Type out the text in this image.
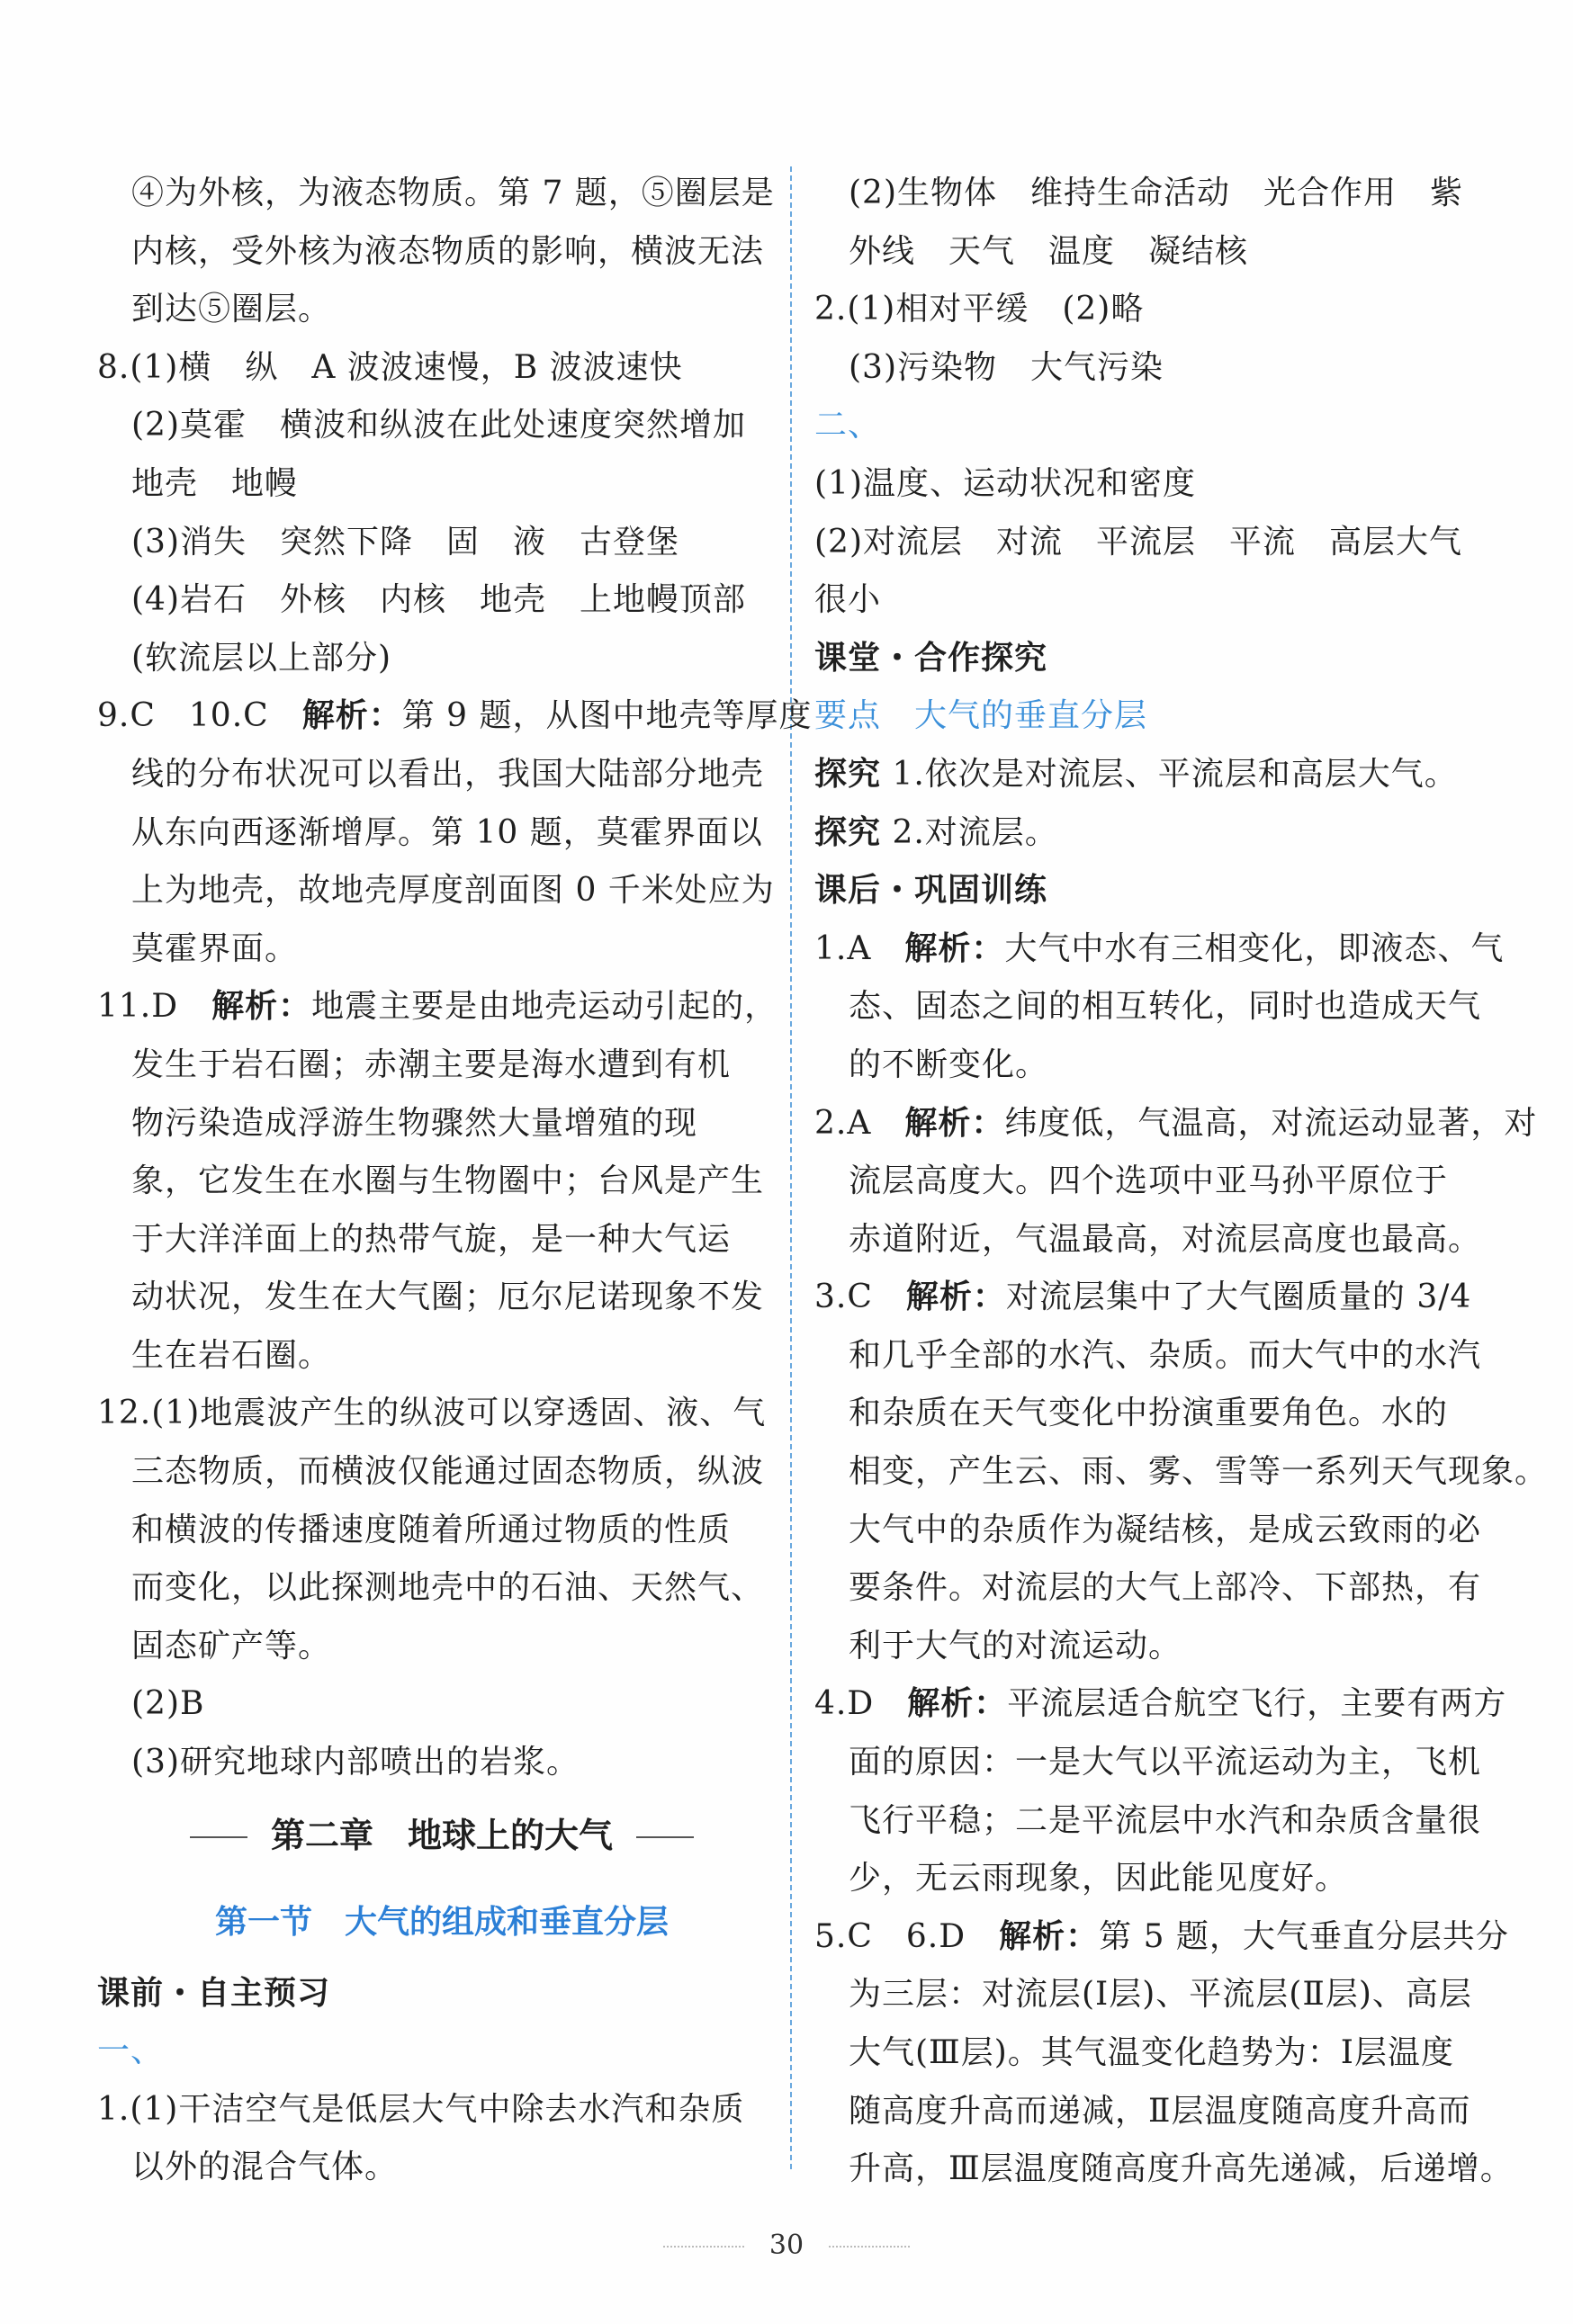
④为外核，为液态物质。第 7 题，⑤圈层是
内核，受外核为液态物质的影响，横波无法
到达⑤圈层。
8.(1)横　纵　A 波波速慢，B 波波速快
(2)莫霍　横波和纵波在此处速度突然增加
地壳　地幔
(3)消失　突然下降　固　液　古登堡
(4)岩石　外核　内核　地壳　上地幔顶部
(软流层以上部分)
9.C　10.C　解析：第 9 题，从图中地壳等厚度
线的分布状况可以看出，我国大陆部分地壳
从东向西逐渐增厚。第 10 题，莫霍界面以
上为地壳，故地壳厚度剖面图 0 千米处应为
莫霍界面。
11.D　解析：地震主要是由地壳运动引起的，
发生于岩石圈；赤潮主要是海水遭到有机
物污染造成浮游生物骤然大量增殖的现
象，它发生在水圈与生物圈中；台风是产生
于大洋洋面上的热带气旋，是一种大气运
动状况，发生在大气圈；厄尔尼诺现象不发
生在岩石圈。
12.(1)地震波产生的纵波可以穿透固、液、气
三态物质，而横波仅能通过固态物质，纵波
和横波的传播速度随着所通过物质的性质
而变化，以此探测地壳中的石油、天然气、
固态矿产等。
(2)B
(3)研究地球内部喷出的岩浆。
第二章　地球上的大气
第一节　大气的组成和垂直分层
课前・自主预习
一、
1.(1)干洁空气是低层大气中除去水汽和杂质
以外的混合气体。
(2)生物体　维持生命活动　光合作用　紫
外线　天气　温度　凝结核
2.(1)相对平缓　(2)略
(3)污染物　大气污染
二、
(1)温度、运动状况和密度
(2)对流层　对流　平流层　平流　高层大气
很小
课堂・合作探究
要点　大气的垂直分层
探究 1.依次是对流层、平流层和高层大气。
探究 2.对流层。
课后・巩固训练
1.A　解析：大气中水有三相变化，即液态、气
态、固态之间的相互转化，同时也造成天气
的不断变化。
2.A　解析：纬度低，气温高，对流运动显著，对
流层高度大。四个选项中亚马孙平原位于
赤道附近，气温最高，对流层高度也最高。
3.C　解析：对流层集中了大气圈质量的 3/4
和几乎全部的水汽、杂质。而大气中的水汽
和杂质在天气变化中扮演重要角色。水的
相变，产生云、雨、雾、雪等一系列天气现象。
大气中的杂质作为凝结核，是成云致雨的必
要条件。对流层的大气上部冷、下部热，有
利于大气的对流运动。
4.D　解析：平流层适合航空飞行，主要有两方
面的原因：一是大气以平流运动为主，飞机
飞行平稳；二是平流层中水汽和杂质含量很
少，无云雨现象，因此能见度好。
5.C　6.D　解析：第 5 题，大气垂直分层共分
为三层：对流层(Ⅰ层)、平流层(Ⅱ层)、高层
大气(Ⅲ层)。其气温变化趋势为：Ⅰ层温度
随高度升高而递减，Ⅱ层温度随高度升高而
升高，Ⅲ层温度随高度升高先递减，后递增。
30
